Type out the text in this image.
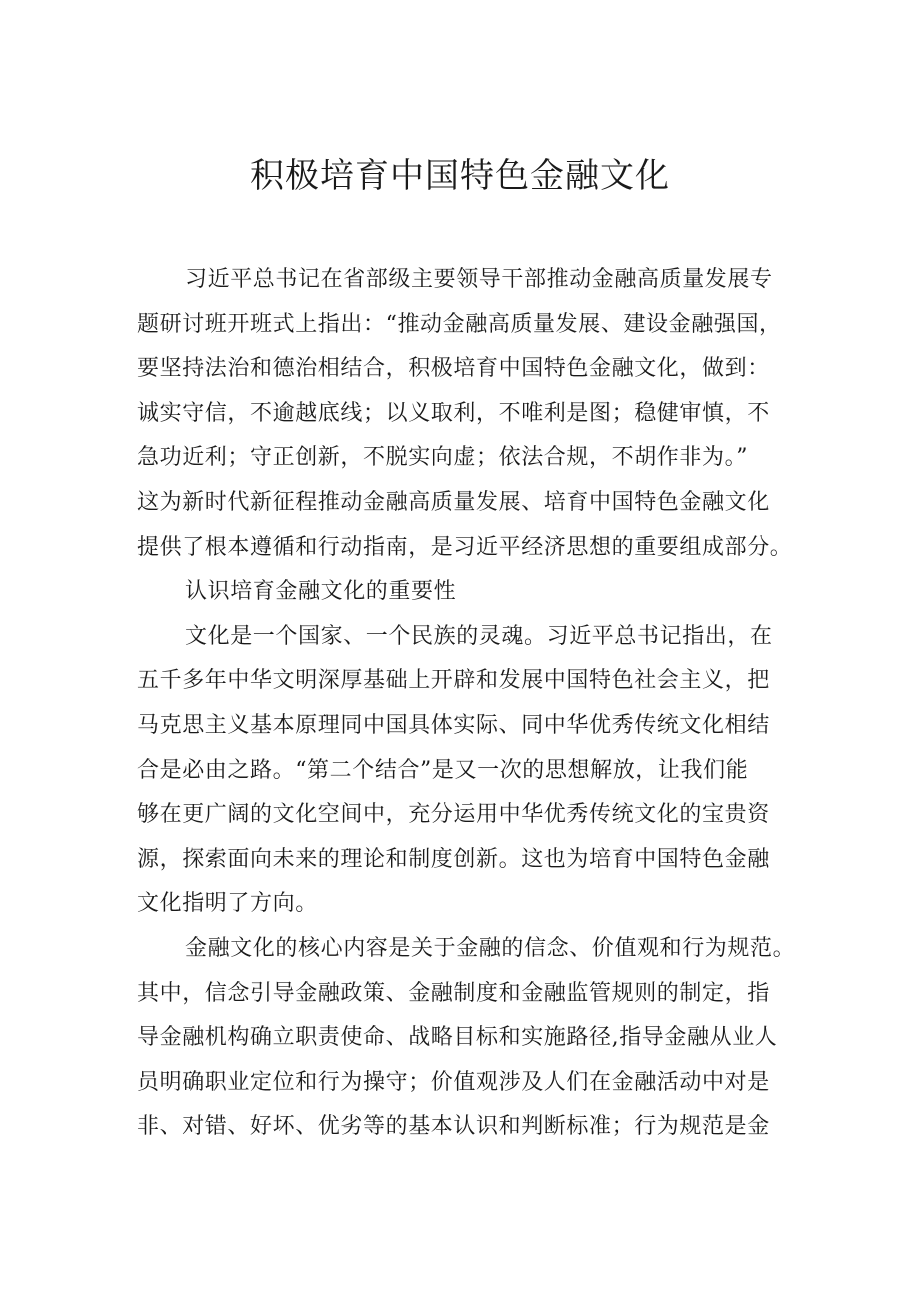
积极培育中国特色金融文化
习近平总书记在省部级主要领导干部推动金融高质量发展专
题研讨班开班式上指出：“推动金融高质量发展、建设金融强国，
要坚持法治和德治相结合，积极培育中国特色金融文化，做到：
诚实守信，不逾越底线；以义取利，不唯利是图；稳健审慎，不
急功近利；守正创新，不脱实向虚；依法合规，不胡作非为。”
这为新时代新征程推动金融高质量发展、培育中国特色金融文化
提供了根本遵循和行动指南，是习近平经济思想的重要组成部分。
认识培育金融文化的重要性
文化是一个国家、一个民族的灵魂。习近平总书记指出，在
五千多年中华文明深厚基础上开辟和发展中国特色社会主义，把
马克思主义基本原理同中国具体实际、同中华优秀传统文化相结
合是必由之路。“第二个结合”是又一次的思想解放，让我们能
够在更广阔的文化空间中，充分运用中华优秀传统文化的宝贵资
源，探索面向未来的理论和制度创新。这也为培育中国特色金融
文化指明了方向。
金融文化的核心内容是关于金融的信念、价值观和行为规范。
其中，信念引导金融政策、金融制度和金融监管规则的制定，指
导金融机构确立职责使命、战略目标和实施路径,指导金融从业人
员明确职业定位和行为操守；价值观涉及人们在金融活动中对是
非、对错、好坏、优劣等的基本认识和判断标准；行为规范是金
